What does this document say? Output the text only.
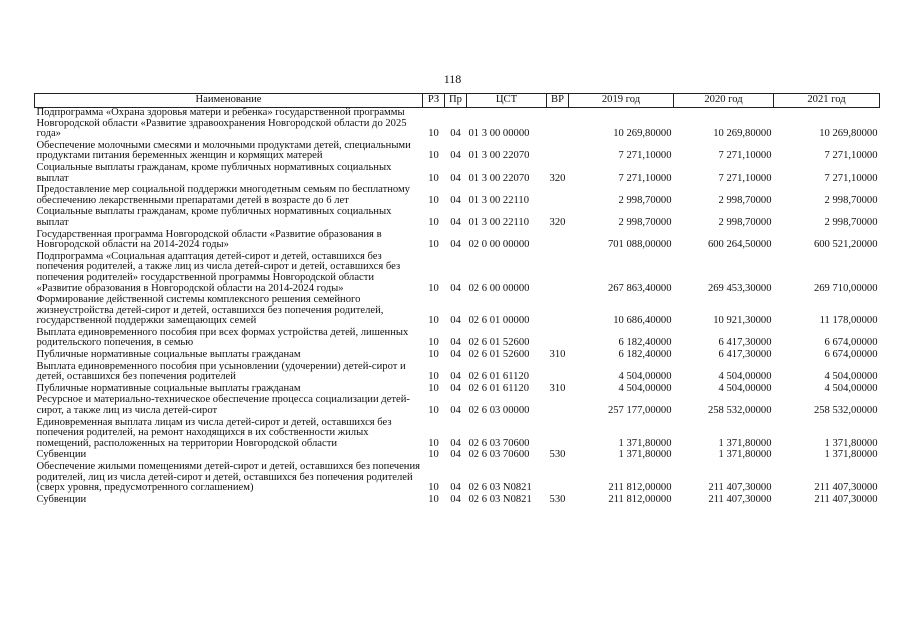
118
Наименование	РЗ	Пр	ЦСТ	ВР	2019 год	2020 год	2021 год
Подпрограмма «Охрана здоровья матери и ребенка» государственной программы Новгородской области «Развитие здравоохранения Новгородской области до 2025 года»	10	04	01 3 00 00000		10 269,80000	10 269,80000	10 269,80000
Обеспечение молочными смесями и молочными продуктами детей, специальными продуктами питания беременных женщин и кормящих матерей	10	04	01 3 00 22070		7 271,10000	7 271,10000	7 271,10000
Социальные выплаты гражданам, кроме публичных нормативных социальных выплат	10	04	01 3 00 22070	320	7 271,10000	7 271,10000	7 271,10000
Предоставление мер социальной поддержки многодетным семьям по бесплатному обеспечению лекарственными препаратами детей в возрасте до 6 лет	10	04	01 3 00 22110		2 998,70000	2 998,70000	2 998,70000
Социальные выплаты гражданам, кроме публичных нормативных социальных выплат	10	04	01 3 00 22110	320	2 998,70000	2 998,70000	2 998,70000
Государственная программа Новгородской области «Развитие образования в Новгородской области на 2014-2024 годы»	10	04	02 0 00 00000		701 088,00000	600 264,50000	600 521,20000
Подпрограмма «Социальная адаптация детей-сирот и детей, оставшихся без попечения родителей, а также лиц из числа детей-сирот и детей, оставшихся без попечения родителей» государственной программы Новгородской области «Развитие образования в Новгородской области на 2014-2024 годы»	10	04	02 6 00 00000		267 863,40000	269 453,30000	269 710,00000
Формирование действенной системы комплексного решения семейного жизнеустройства детей-сирот и детей, оставшихся без попечения родителей, государственной поддержки замещающих семей	10	04	02 6 01 00000		10 686,40000	10 921,30000	11 178,00000
Выплата единовременного пособия при всех формах устройства детей, лишенных родительского попечения, в семью	10	04	02 6 01 52600		6 182,40000	6 417,30000	6 674,00000
Публичные нормативные социальные выплаты гражданам	10	04	02 6 01 52600	310	6 182,40000	6 417,30000	6 674,00000
Выплата единовременного пособия при усыновлении (удочерении) детей-сирот и детей, оставшихся без попечения родителей	10	04	02 6 01 61120		4 504,00000	4 504,00000	4 504,00000
Публичные нормативные социальные выплаты гражданам	10	04	02 6 01 61120	310	4 504,00000	4 504,00000	4 504,00000
Ресурсное и материально-техническое обеспечение процесса социализации детей-сирот, а также лиц из числа детей-сирот	10	04	02 6 03 00000		257 177,00000	258 532,00000	258 532,00000
Единовременная выплата лицам из числа детей-сирот и детей, оставшихся без попечения родителей, на ремонт находящихся в их собственности жилых помещений, расположенных на территории Новгородской области	10	04	02 6 03 70600		1 371,80000	1 371,80000	1 371,80000
Субвенции	10	04	02 6 03 70600	530	1 371,80000	1 371,80000	1 371,80000
Обеспечение жилыми помещениями детей-сирот и детей, оставшихся без попечения родителей, лиц из числа детей-сирот и детей, оставшихся без попечения родителей (сверх уровня, предусмотренного соглашением)	10	04	02 6 03 N0821		211 812,00000	211 407,30000	211 407,30000
Субвенции	10	04	02 6 03 N0821	530	211 812,00000	211 407,30000	211 407,30000
